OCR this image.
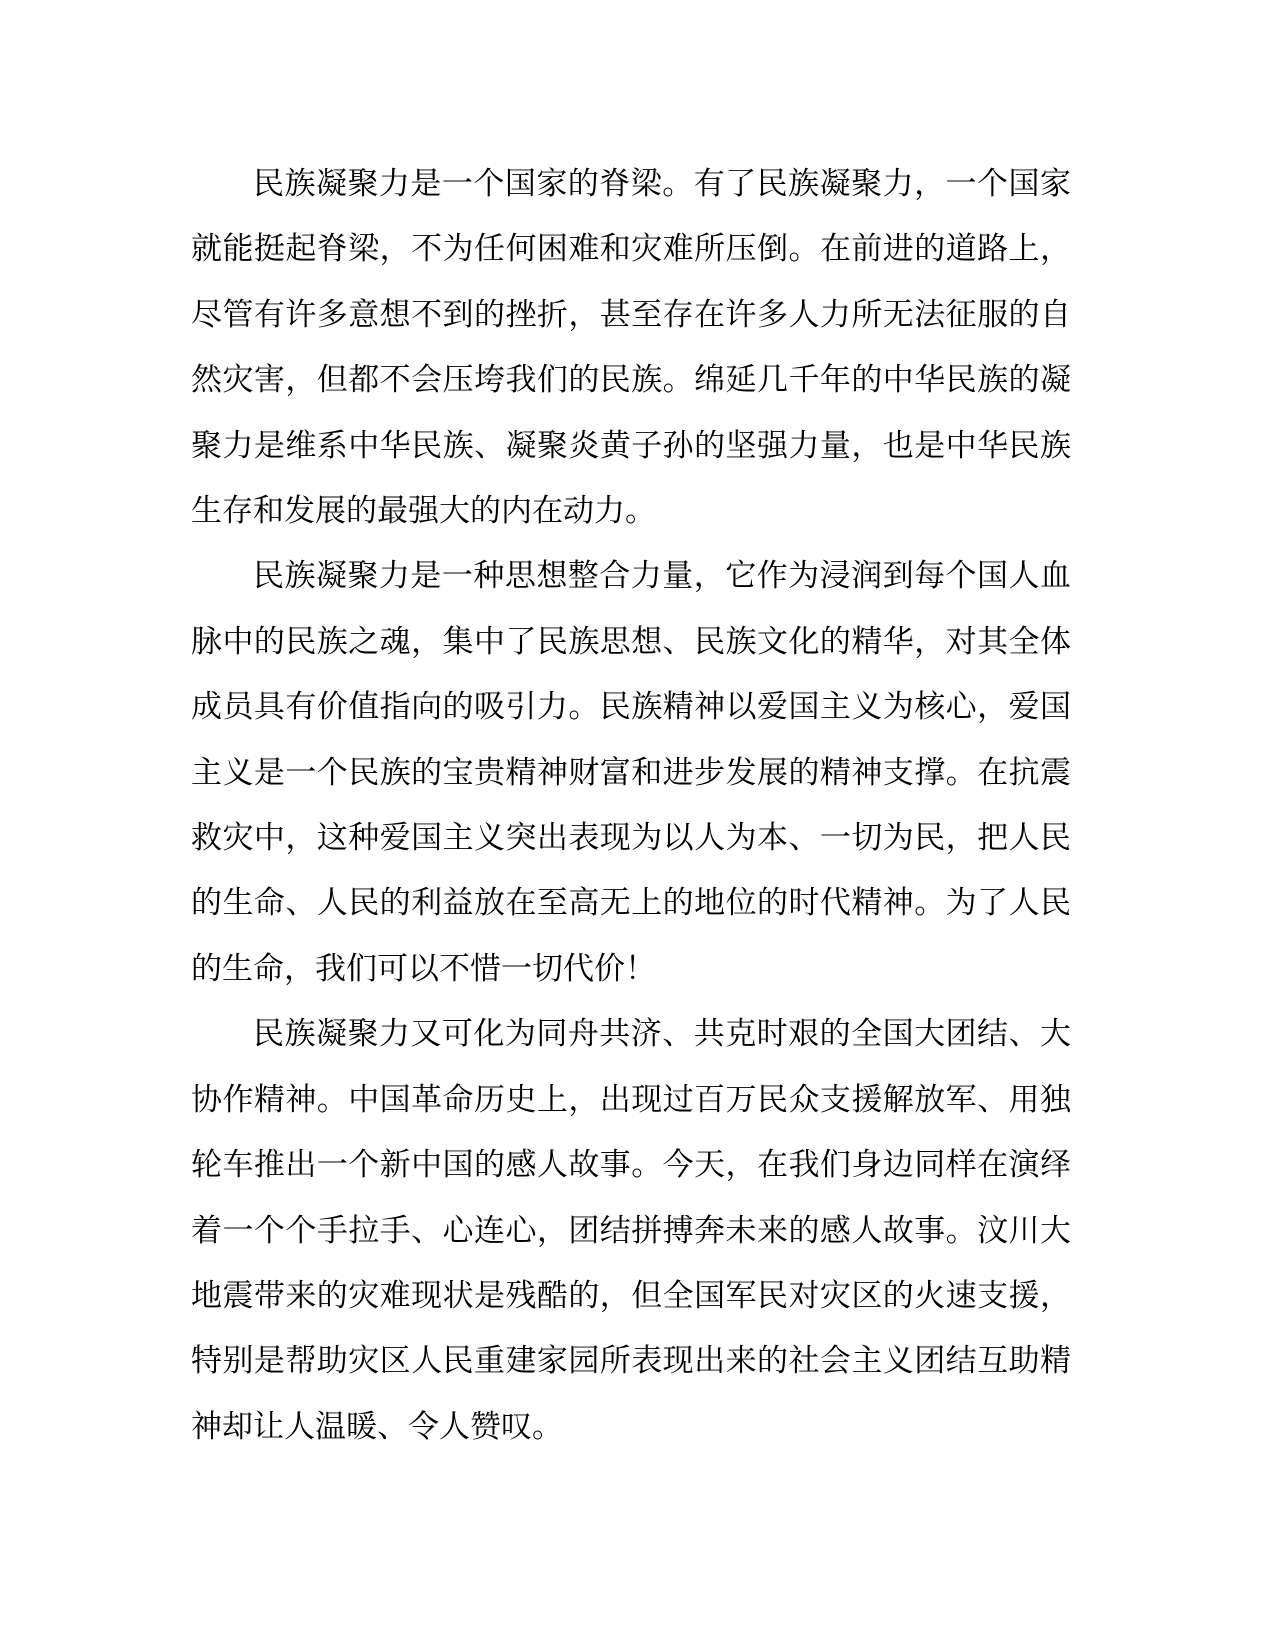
民族凝聚力是一个国家的脊梁。有了民族凝聚力，一个国家就能挺起脊梁，不为任何困难和灾难所压倒。在前进的道路上，尽管有许多意想不到的挫折，甚至存在许多人力所无法征服的自然灾害，但都不会压垮我们的民族。绵延几千年的中华民族的凝聚力是维系中华民族、凝聚炎黄子孙的坚强力量，也是中华民族生存和发展的最强大的内在动力。

民族凝聚力是一种思想整合力量，它作为浸润到每个国人血脉中的民族之魂，集中了民族思想、民族文化的精华，对其全体成员具有价值指向的吸引力。民族精神以爱国主义为核心，爱国主义是一个民族的宝贵精神财富和进步发展的精神支撑。在抗震救灾中，这种爱国主义突出表现为以人为本、一切为民，把人民的生命、人民的利益放在至高无上的地位的时代精神。为了人民的生命，我们可以不惜一切代价！

民族凝聚力又可化为同舟共济、共克时艰的全国大团结、大协作精神。中国革命历史上，出现过百万民众支援解放军、用独轮车推出一个新中国的感人故事。今天，在我们身边同样在演绎着一个个手拉手、心连心，团结拼搏奔未来的感人故事。汶川大地震带来的灾难现状是残酷的，但全国军民对灾区的火速支援，特别是帮助灾区人民重建家园所表现出来的社会主义团结互助精神却让人温暖、令人赞叹。
